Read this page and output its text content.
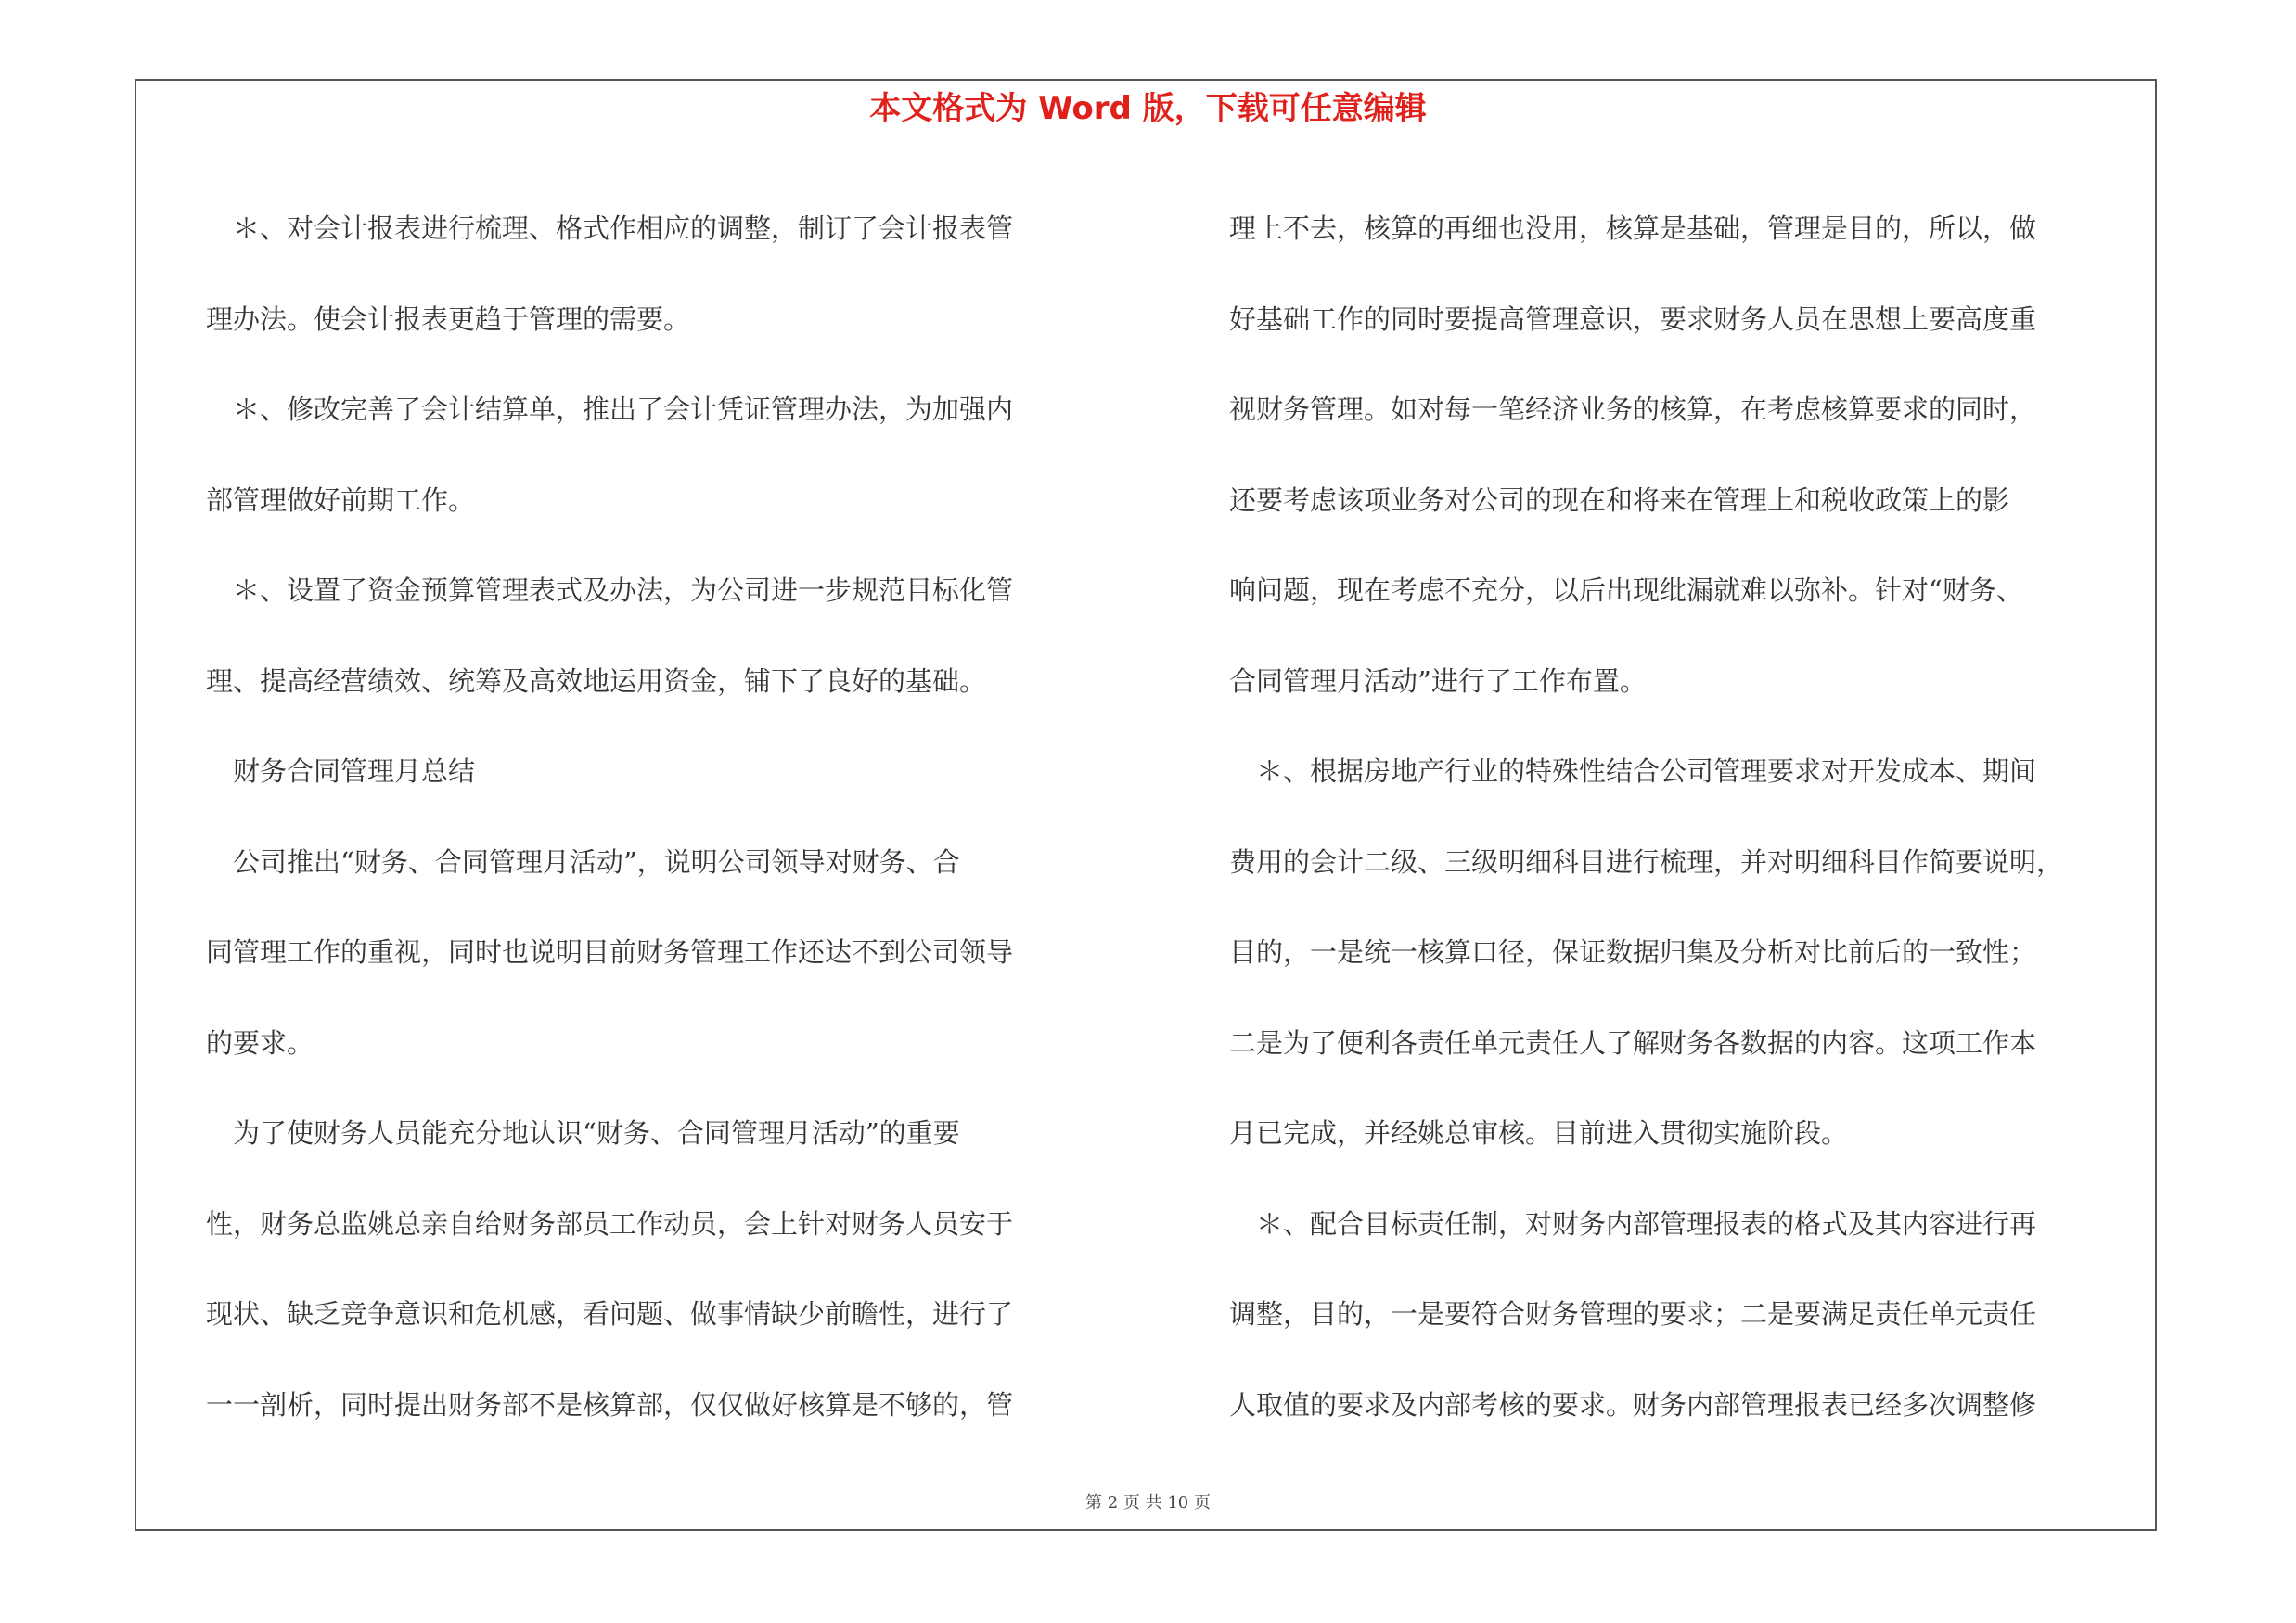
本文格式为 Word 版，下载可任意编辑
　＊、对会计报表进行梳理、格式作相应的调整，制订了会计报表管
理办法。使会计报表更趋于管理的需要。
　＊、修改完善了会计结算单，推出了会计凭证管理办法，为加强内
部管理做好前期工作。
　＊、设置了资金预算管理表式及办法，为公司进一步规范目标化管
理、提高经营绩效、统筹及高效地运用资金，铺下了良好的基础。
　财务合同管理月总结
　公司推出“财务、合同管理月活动”，说明公司领导对财务、合
同管理工作的重视，同时也说明目前财务管理工作还达不到公司领导
的要求。
　为了使财务人员能充分地认识“财务、合同管理月活动”的重要
性，财务总监姚总亲自给财务部员工作动员，会上针对财务人员安于
现状、缺乏竞争意识和危机感，看问题、做事情缺少前瞻性，进行了
一一剖析，同时提出财务部不是核算部，仅仅做好核算是不够的，管
理上不去，核算的再细也没用，核算是基础，管理是目的，所以，做
好基础工作的同时要提高管理意识，要求财务人员在思想上要高度重
视财务管理。如对每一笔经济业务的核算，在考虑核算要求的同时，
还要考虑该项业务对公司的现在和将来在管理上和税收政策上的影
响问题，现在考虑不充分，以后出现纰漏就难以弥补。针对“财务、
合同管理月活动”进行了工作布置。
　＊、根据房地产行业的特殊性结合公司管理要求对开发成本、期间
费用的会计二级、三级明细科目进行梳理，并对明细科目作简要说明，
目的，一是统一核算口径，保证数据归集及分析对比前后的一致性；
二是为了便利各责任单元责任人了解财务各数据的内容。这项工作本
月已完成，并经姚总审核。目前进入贯彻实施阶段。
　＊、配合目标责任制，对财务内部管理报表的格式及其内容进行再
调整，目的，一是要符合财务管理的要求；二是要满足责任单元责任
人取值的要求及内部考核的要求。财务内部管理报表已经多次调整修
第 2 页 共 10 页
